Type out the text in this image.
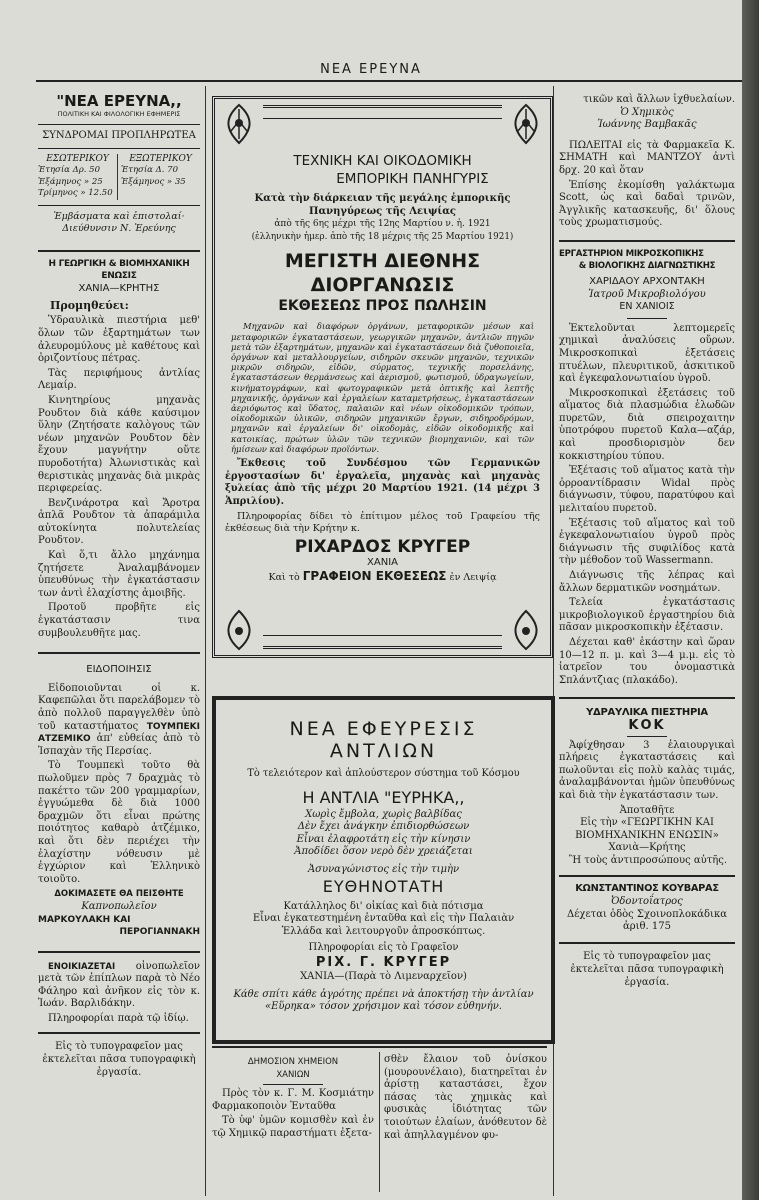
ΝΕΑ ΕΡΕΥΝΑ
"ΝΕΑ ΕΡΕΥΝΑ,,
ΠΟΛΙΤΙΚΗ ΚΑΙ ΦΙΛΟΛΟΓΙΚΗ ΕΦΗΜΕΡΙΣ
ΣΥΝΔΡΟΜΑΙ ΠΡΟΠΛΗΡΩΤΕΑ
ΕΣΩΤΕΡΙΚΟΥ
Ἐτησία Δρ. 50
Ἑξάμηνος » 25
Τρίμηνος » 12.50
ΕΞΩΤΕΡΙΚΟΥ
Ἐτησία Δ. 70
Ἑξάμηνος » 35
Ἐμβάσματα καὶ ἐπιστολαί·
Διεύθυνσιν Ν. Ἐρεύνης
Η ΓΕΩΡΓΙΚΗ & ΒΙΟΜΗΧΑΝΙΚΗ ΕΝΩΣΙΣ
ΧΑΝΙΑ—ΚΡΗΤΗΣ
Προμηθεύει:

Ὑδραυλικὰ πιεστήρια μεθ' ὅλων τῶν ἐξαρτημάτων των ἀλευρομύλους μὲ καθέτους καὶ ὁριζοντίους πέτρας.

Τὰς περιφήμους ἀντλίας Λεμαίρ.

Κινητηρίους μηχανὰς Ρουδτον διὰ κάθε καύσιμον ὕλην (Ζητήσατε καλὸγους τῶν νέων μηχανῶν Ρουδτον δὲν ἔχουν μαγνήτην οὔτε πυροδοτήτα) Ἀλωνιστικὰς καὶ θεριστικὰς μηχανὰς διὰ μικρὰς περιφερείας.

Βενζινάροτρα καὶ Ἄροτρα ἁπλᾶ Ρουδτον τὰ ἀπαράμιλα αὐτοκίνητα πολυτελείας Ρουδτον.

Καὶ ὅ,τι ἄλλο μηχάνημα ζητήσετε Ἀναλαμβάνομεν ὑπευθύνως τὴν ἐγκατάστασιν των ἀντὶ ἐλαχίστης ἀμοιβῆς.

Προτοῦ προβῆτε εἰς ἐγκατάστασιν τινα συμβουλευθῆτε μας.

ΕΙΔΟΠΟΙΗΣΙΣ

Εἰδοποιοῦνται οἱ κ. Καφεπῶλαι ὅτι παρελάβομεν τὸ ἀπὸ πολλοῦ παραγγελθὲν ὑπὸ τοῦ καταστήματος ΤΟΥΜΠΕΚΙ ΑΤΖΕΜΙΚΟ ἀπ' εὐθείας ἀπὸ τὸ Ἰσπαχὰν τῆς Περσίας.

Τὸ Τουμπεκὶ τοῦτο θὰ πωλοῦμεν πρὸς 7 δραχμὰς τὸ πακέττο τῶν 200 γραμμαρίων, ἐγγυώμεθα δὲ διὰ 1000 δραχμῶν ὅτι εἶναι πρώτης ποιότητος καθαρὸ ἀτζέμικο, καὶ ὅτι δὲν περιέχει τὴν ἐλαχίστην νόθευσιν μὲ ἐγχώριον καὶ Ἑλληνικὸ τοιοῦτο.

ΔΟΚΙΜΑΣΕΤΕ ΘΑ ΠΕΙΣΘΗΤΕ
Καπνοπωλεῖον
ΜΑΡΚΟΥΛΑΚΗ ΚΑΙ
ΠΕΡΟΓΙΑΝΝΑΚΗ

ΕΝΟΙΚΙΑΖΕΤΑΙ οἰνοπωλεῖον μετὰ τῶν ἐπίπλων παρὰ τὸ Νέο Φάληρο καὶ ἀνῆκον εἰς τὸν κ. Ἰωάν. Βαρλιδάκην.

Πληροφορίαι παρὰ τῷ ἰδίῳ.

Εἰς τὸ τυπογραφεῖον μας ἐκτελεῖται πᾶσα τυπογραφικὴ ἐργασία.
ΤΕΧΝΙΚΗ ΚΑΙ ΟΙΚΟΔΟΜΙΚΗ
ΕΜΠΟΡΙΚΗ ΠΑΝΗΓΥΡΙΣ
Κατὰ τὴν διάρκειαν τῆς μεγάλης ἐμπορικῆς
Πανηγύρεως τῆς Λειψίας
ἀπὸ τῆς 6ης μέχρι τῆς 12ης Μαρτίου ν. ἡ. 1921
(ἑλληνικὴν ἡμερ. ἀπὸ τῆς 18 μέχρις τῆς 25 Μαρτίου 1921)
ΜΕΓΙΣΤΗ ΔΙΕΘΝΗΣ ΔΙΟΡΓΑΝΩΣΙΣ
ΕΚΘΕΣΕΩΣ ΠΡΟΣ ΠΩΛΗΣΙΝ
Μηχανῶν καὶ διαφόρων ὀργάνων, μεταφορικῶν μέσων καὶ μεταφορικῶν ἐγκαταστάσεων, γεωργικῶν μηχανῶν, ἀντλιῶν πηγῶν μετὰ τῶν ἐξαρτημάτων, μηχανῶν καὶ ἐγκαταστάσεων διὰ ζυθοποιεῖα, ὀργάνων καὶ μεταλλουργείων, σιδηρῶν σκευῶν μηχανῶν, τεχνικῶν μικρῶν σιδηρῶν, εἰδῶν, σύρματος, τεχνικῆς πορσελάνης, ἐγκαταστάσεων θερμάνσεως καὶ ἀερισμοῦ, φωτισμοῦ, ὑδραγωγείων, κινήματογράφων, καὶ φωτογραφικῶν μετὰ ὀπτικῆς καὶ λεπτῆς μηχανικῆς, ὀργάνων καὶ ἐργαλείων καταμετρήσεως, ἐγκαταστάσεων ἀεριόφωτος καὶ ὕδατος, παλαιῶν καὶ νέων οἰκοδομικῶν τρόπων, οἰκοδομικῶν ὑλικῶν, σιδηρῶν μηχανικῶν ἔργων, σιδηροδρόμων, μηχανῶν καὶ ἐργαλείων δι' οἰκοδομὰς, εἰδῶν οἰκοδομικῆς καὶ κατοικίας, πρώτων ὑλῶν τῶν τεχνικῶν βιομηχανιῶν, καὶ τῶν ἡμίσεων καὶ διαφόρων προϊόντων.
Ἔκθεσις τοῦ Συνδέσμου τῶν Γερμανικῶν ἐργοστασίων δι' ἐργαλεῖα, μηχανὰς καὶ μηχανὰς ξυλείας ἀπὸ τῆς μέχρι 20 Μαρτίου 1921. (14 μέχρι 3 Ἀπριλίου).
Πληροφορίας δίδει τὸ ἐπίτιμον μέλος τοῦ Γραφείου τῆς ἐκθέσεως διὰ τὴν Κρήτην κ.
ΡΙΧΑΡΔΟΣ ΚΡΥΓΕΡ
ΧΑΝΙΑ
Καὶ τὸ ΓΡΑΦΕΙΟΝ ΕΚΘΕΣΕΩΣ ἐν Λειψίᾳ
ΝΕΑ ΕΦΕΥΡΕΣΙΣ
ΑΝΤΛΙΩΝ
Τὸ τελειότερον καὶ ἁπλούστερον σύστημα τοῦ Κόσμου
Η ΑΝΤΛΙΑ "ΕΥΡΗΚΑ,,
Χωρὶς ἔμβολα, χωρὶς βαλβίδας
Δὲν ἔχει ἀνάγκην ἐπιδιορθώσεων
Εἶναι ἐλαφροτάτη εἰς τὴν κίνησιν
Ἀποδίδει ὅσον νερὸ δὲν χρειάζεται
Ἀσυναγώνιστος εἰς τὴν τιμὴν
ΕΥΘΗΝΟΤΑΤΗ
Κατάλληλος δι' οἰκίας καὶ διὰ πότισμα
Εἶναι ἐγκατεστημένη ἐνταῦθα καὶ εἰς τὴν Παλαιὰν
Ἑλλάδα καὶ λειτουργοῦν ἀπροσκόπτως.
Πληροφορίαι εἰς τὸ Γραφεῖον
ΡΙΧ. Γ. ΚΡΥΓΕΡ
ΧΑΝΙΑ—(Παρὰ τὸ Λιμεναρχεῖον)
Κάθε σπίτι κάθε ἀγρότης πρέπει νὰ ἀποκτήσῃ τὴν ἀντλίαν «Εὕρηκα» τόσον χρήσιμον καὶ τόσον εὐθηνήν.
ΔΗΜΟΣΙΟΝ ΧΗΜΕΙΟΝ
ΧΑΝΙΩΝ

Πρὸς τὸν κ. Γ. Μ. Κοσμιάτην Φαρμακοποιὸν Ἐνταῦθα

Τὸ ὑφ' ὑμῶν κομισθὲν καὶ ἐν τῷ Χημικῷ παραστήματι ἐξετα-

σθὲν ἔλαιον τοῦ ὀνίσκου (μουρουνέλαιο), διατηρεῖται ἐν ἀρίστῃ καταστάσει, ἔχον πάσας τὰς χημικὰς καὶ φυσικὰς ἰδιότητας τῶν τοιούτων ἐλαίων, ἀνόθευτον δὲ καὶ ἀπηλλαγμένον φυ-

τικῶν καὶ ἄλλων ἰχθυελαίων.
Ὁ Χημικὸς
Ἰωάννης Βαμβακᾶς

ΠΩΛΕΙΤΑΙ εἰς τὰ Φαρμακεῖα Κ. ΣΗΜΑΤΗ καὶ ΜΑΝΤΖΟΥ ἀντὶ δρχ. 20 καὶ ὅταν

Ἐπίσης ἐκομίσθη γαλάκτωμα Scott, ὡς καὶ δαδαὶ τρινῶν, Ἀγγλικῆς κατασκευῆς, δι' ὅλους τοὺς χρωματισμούς.

ΕΡΓΑΣΤΗΡΙΟΝ ΜΙΚΡΟΣΚΟΠΙΚΗΣ
& ΒΙΟΛΟΓΙΚΗΣ ΔΙΑΓΝΩΣΤΙΚΗΣ
ΧΑΡΙΔΑΟΥ ΑΡΧΟΝΤΑΚΗ
Ἰατροῦ Μικροβιολόγου
ΕΝ ΧΑΝΙΟΙΣ

Ἐκτελοῦνται λεπτομερεῖς χημικαὶ ἀναλύσεις οὔρων. Μικροσκοπικαὶ ἐξετάσεις πτυέλων, πλευριτικοῦ, ἀσκιτικοῦ καὶ ἐγκεφαλονωτιαίου ὑγροῦ.

Μικροσκοπικαὶ ἐξετάσεις τοῦ αἵματος διὰ πλασμώδια ἑλωδῶν πυρετῶν, διὰ σπειροχαιτην ὑποτρόφου πυρετοῦ Καλα—αζάρ, καὶ προσδιορισμὸν δεν κοκκιστηρίου τύπου.

Ἐξέτασις τοῦ αἵματος κατὰ τὴν ὀρροαντίδρασιν Widal πρὸς διάγνωσιν, τύφου, παρατύφου καὶ μελιταίου πυρετοῦ.

Ἐξέτασις τοῦ αἵματος καὶ τοῦ ἐγκεφαλονωτιαίου ὑγροῦ πρὸς διάγνωσιν τῆς συφιλίδος κατὰ τὴν μέθοδον τοῦ Wassermann.

Διάγνωσις τῆς λέπρας καὶ ἄλλων δερματικῶν νοσημάτων.

Τελεία ἐγκατάστασις μικροβιολογικοῦ ἐργαστηρίου διὰ πᾶσαν μικροσκοπικὴν ἐξέτασιν.

Δέχεται καθ' ἑκάστην καὶ ὥραν 10—12 π. μ. καὶ 3—4 μ.μ. εἰς τὸ ἰατρεῖον του ὀνομαστικὰ Σπλάντζιας (πλακάδο).

ΥΔΡΑΥΛΙΚΑ ΠΙΕΣΤΗΡΙΑ
ΚΟΚ

Ἀφίχθησαν 3 ἐλαιουργικαὶ πλήρεις ἐγκαταστάσεις καὶ πωλοῦνται εἰς πολὺ καλὰς τιμάς, ἀναλαμβάνονται ἡμῶν ὑπευθύνως καὶ διὰ τὴν ἐγκατάστασιν των.

Ἀποταθῆτε
Εἰς τὴν «ΓΕΩΡΓΙΚΗΝ ΚΑΙ ΒΙΟΜΗΧΑΝΙΚΗΝ ΕΝΩΣΙΝ»
Χανιὰ—Κρήτης

Ἢ τοὺς ἀντιπροσώπους αὐτῆς.

ΚΩΝΣΤΑΝΤΙΝΟΣ ΚΟΥΒΑΡΑΣ
Ὀδοντοΐατρος
Δέχεται ὁδὸς Σχοινοπλοκάδικα
ἀριθ. 175
Εἰς τὸ τυπογραφεῖον μας ἐκτελεῖται πᾶσα τυπογραφικὴ ἐργασία.
